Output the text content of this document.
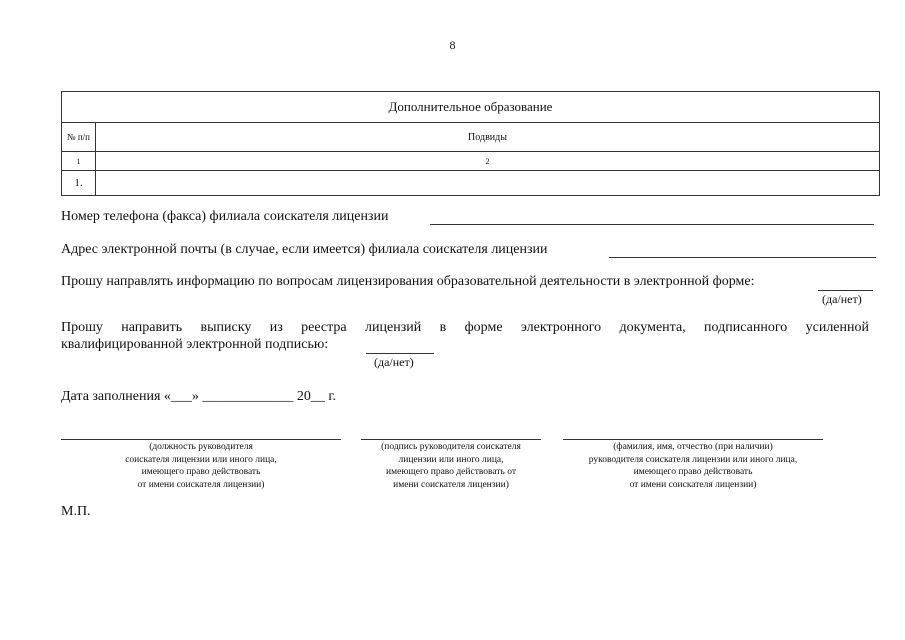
8
Дополнительное образование	
№ п/п	Подвиды
1	2
1.	
Номер телефона (факса) филиала соискателя лицензии
Адрес электронной почты (в случае, если имеется) филиала соискателя лицензии
Прошу направлять информацию по вопросам лицензирования образовательной деятельности в электронной форме:
(да/нет)
Прошу направить выписку из реестра лицензий в форме электронного документа, подписанного усиленной
квалифицированной электронной подписью:
(да/нет)
Дата заполнения «___» _____________ 20__ г.
(должность руководителя
соискателя лицензии или иного лица,
имеющего право действовать
от имени соискателя лицензии)
(подпись руководителя соискателя
лицензии или иного лица,
имеющего право действовать от
имени соискателя лицензии)
(фамилия, имя, отчество (при наличии)
руководителя соискателя лицензии или иного лица,
имеющего право действовать
от имени соискателя лицензии)
М.П.
